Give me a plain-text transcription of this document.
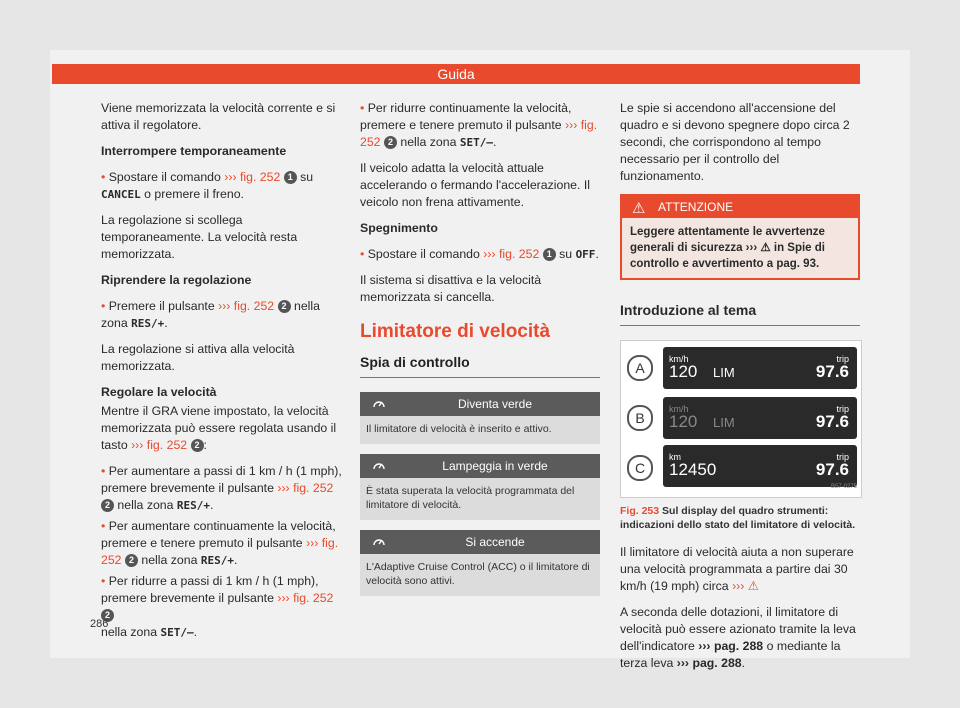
Guida

Viene memorizzata la velocità corrente e si attiva il regolatore.

Interrompere temporaneamente

• Spostare il comando ››› fig. 252 1 su
CANCEL o premere il freno.

La regolazione si scollega temporaneamente. La velocità resta memorizzata.

Riprendere la regolazione

• Premere il pulsante ››› fig. 252 2 nella zona RES/+.

La regolazione si attiva alla velocità memorizzata.

Regolare la velocità

Mentre il GRA viene impostato, la velocità memorizzata può essere regolata usando il tasto ››› fig. 252 2 :

• Per aumentare a passi di 1 km / h (1 mph), premere brevemente il pulsante ››› fig. 252 2 nella zona RES/+.

• Per aumentare continuamente la velocità, premere e tenere premuto il pulsante ››› fig. 252 2 nella zona RES/+.

• Per ridurre a passi di 1 km / h (1 mph), premere brevemente il pulsante ››› fig. 252 2
nella zona SET/–.

• Per ridurre continuamente la velocità, premere e tenere premuto il pulsante ››› fig. 252 2 nella zona SET/–.

Il veicolo adatta la velocità attuale accelerando o fermando l'accelerazione. Il veicolo non frena attivamente.

Spegnimento

• Spostare il comando ››› fig. 252 1 su OFF.

Il sistema si disattiva e la velocità memorizzata si cancella.

Limitatore di velocità
Spia di controllo
Diventa verde
Il limitatore di velocità è inserito e attivo.
Lampeggia in verde
È stata superata la velocità programmata del limitatore di velocità.
Si accende
L'Adaptive Cruise Control (ACC) o il limitatore di velocità sono attivi.

Le spie si accendono all'accensione del quadro e si devono spegnere dopo circa 2 secondi, che corrispondono al tempo necessario per il controllo del funzionamento.

⚠ ATTENZIONE
Leggere attentamente le avvertenze generali di sicurezza ››› ⚠ in Spie di controllo e avvertimento a pag. 93.
Introduzione al tema
A
km/h
120 LIM
trip
97.6
B
km/h
120 LIM
trip
97.6
C
km
12450
trip
97.6
B57-0275
Fig. 253 Sul display del quadro strumenti: indicazioni dello stato del limitatore di velocità.

Il limitatore di velocità aiuta a non superare una velocità programmata a partire dai 30 km/h (19 mph) circa ››› ⚠

A seconda delle dotazioni, il limitatore di velocità può essere azionato tramite la leva dell'indicatore ››› pag. 288 o mediante la terza leva ››› pag. 288.

286
